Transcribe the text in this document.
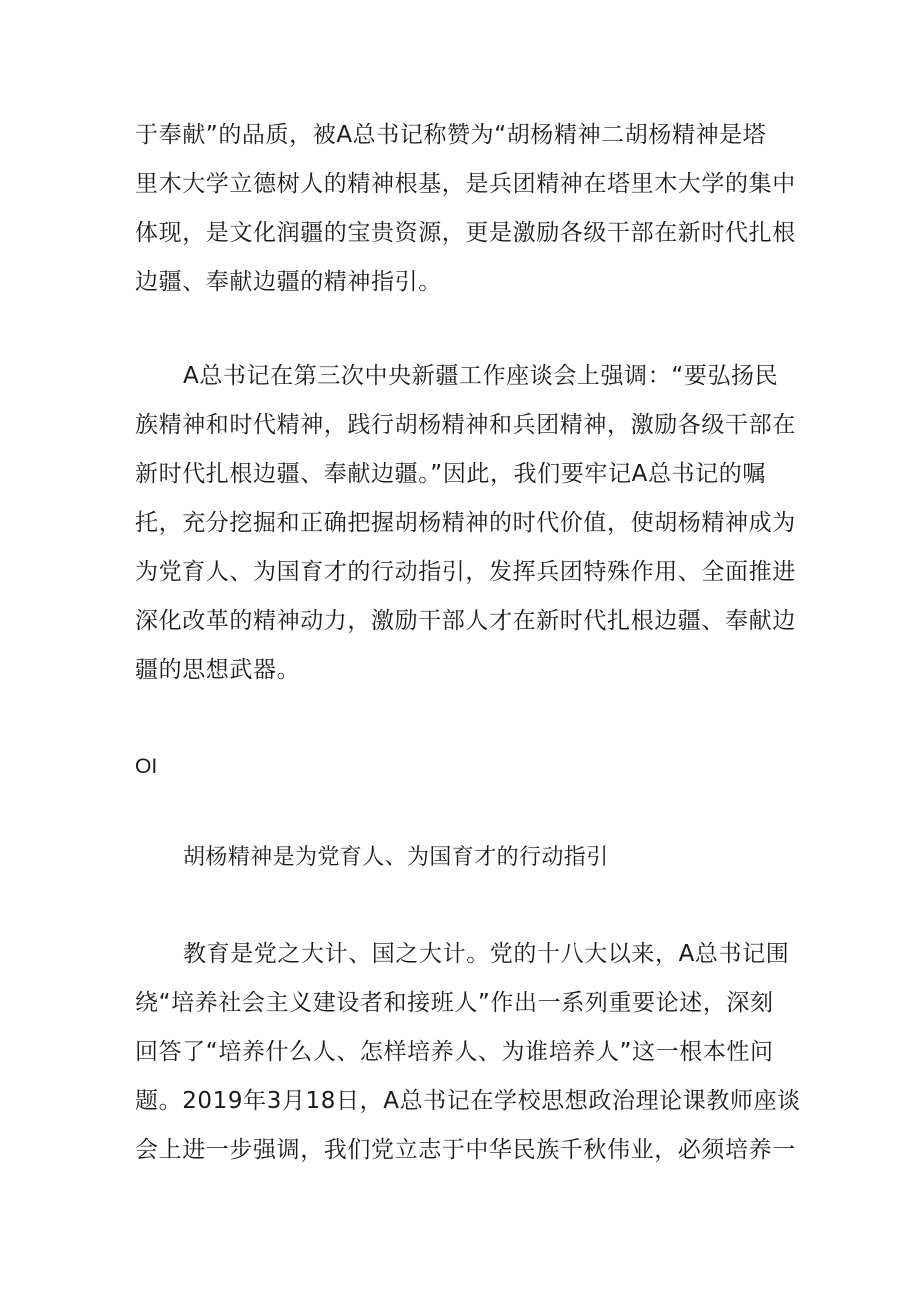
于奉献”的品质，被A总书记称赞为“胡杨精神二胡杨精神是塔
里木大学立德树人的精神根基，是兵团精神在塔里木大学的集中
体现，是文化润疆的宝贵资源，更是激励各级干部在新时代扎根
边疆、奉献边疆的精神指引。
A总书记在第三次中央新疆工作座谈会上强调：“要弘扬民
族精神和时代精神，践行胡杨精神和兵团精神，激励各级干部在
新时代扎根边疆、奉献边疆。”因此，我们要牢记A总书记的嘱
托，充分挖掘和正确把握胡杨精神的时代价值，使胡杨精神成为
为党育人、为国育才的行动指引，发挥兵团特殊作用、全面推进
深化改革的精神动力，激励干部人才在新时代扎根边疆、奉献边
疆的思想武器。
OI
胡杨精神是为党育人、为国育才的行动指引
教育是党之大计、国之大计。党的十八大以来，A总书记围
绕“培养社会主义建设者和接班人”作出一系列重要论述，深刻
回答了“培养什么人、怎样培养人、为谁培养人”这一根本性问
题。2019年3月18日，A总书记在学校思想政治理论课教师座谈
会上进一步强调，我们党立志于中华民族千秋伟业，必须培养一
